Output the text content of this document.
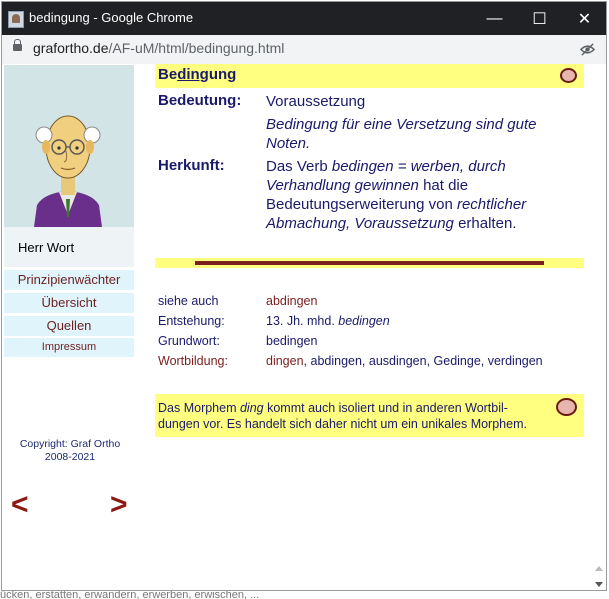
bedingung - Google Chrome	—	☐	✕
grafortho.de/AF-uM/html/bedingung.html
Herr Wort
Prinzipienwächter
Übersicht
Quellen
Impressum
Copyright: Graf Ortho
2008-2021
<	>
Bedingung
Bedeutung: Voraussetzung
Bedingung für eine Versetzung sind gute Noten.
Herkunft:	Das Verb bedingen = werben, durch Verhandlung gewinnen hat die Bedeutungserweiterung von rechtlicher Abmachung, Voraussetzung erhalten.
siehe auch	abdingen
Entstehung:	13. Jh. mhd. bedingen
Grundwort:	bedingen
Wortbildung:	dingen, abdingen, ausdingen, Gedinge, verdingen
Das Morphem ding kommt auch isoliert und in anderen Wortbildungen vor. Es handelt sich daher nicht um ein unikales Morphem.
ücken, erstatten, erwandern, erwerben, erwischen, ...
